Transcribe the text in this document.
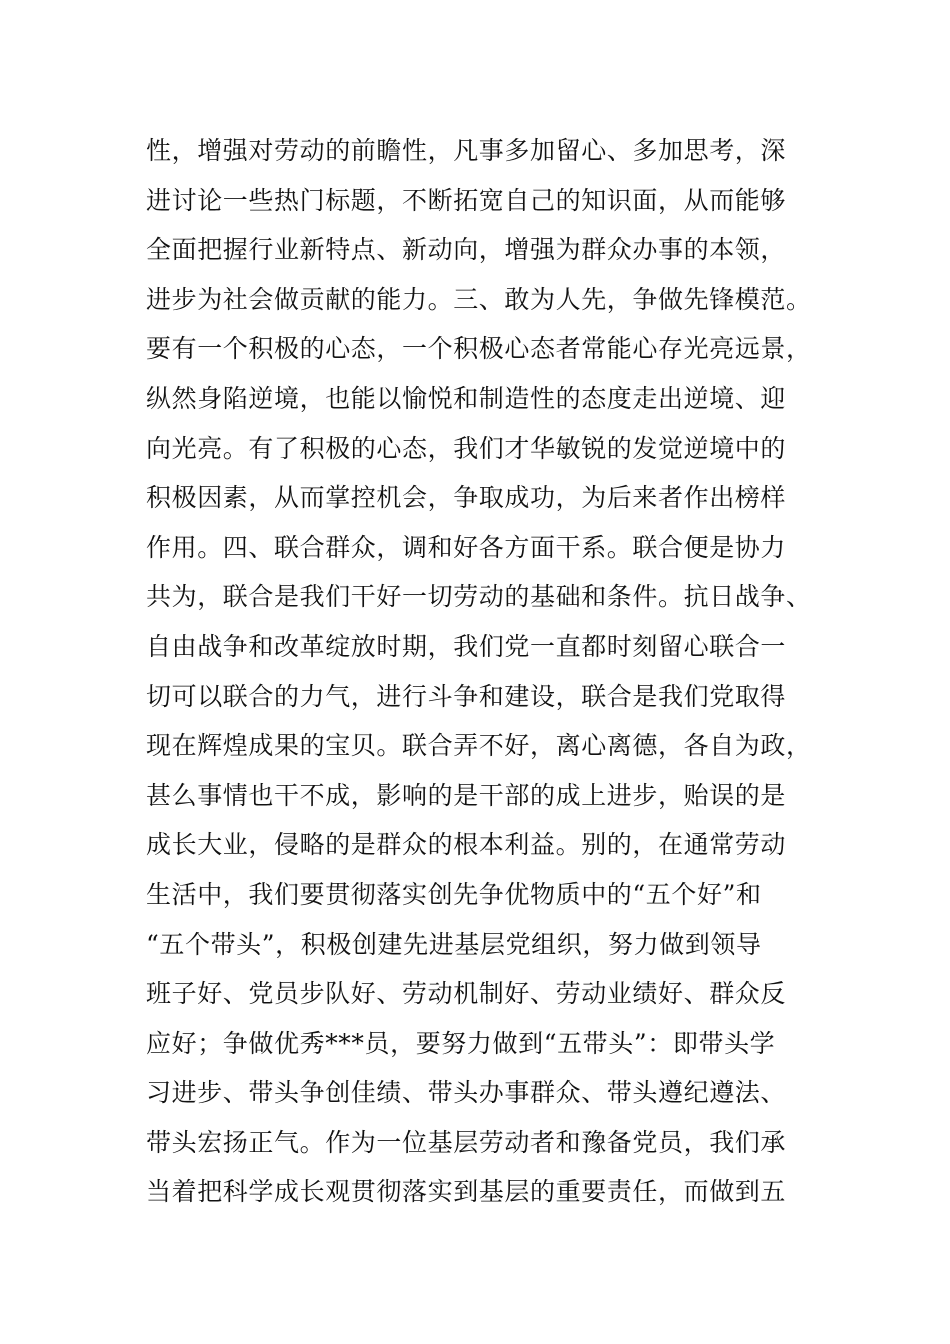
性，增强对劳动的前瞻性，凡事多加留心、多加思考，深
进讨论一些热门标题，不断拓宽自己的知识面，从而能够
全面把握行业新特点、新动向，增强为群众办事的本领，
进步为社会做贡献的能力。三、敢为人先，争做先锋模范。
要有一个积极的心态，一个积极心态者常能心存光亮远景，
纵然身陷逆境，也能以愉悦和制造性的态度走出逆境、迎
向光亮。有了积极的心态，我们才华敏锐的发觉逆境中的
积极因素，从而掌控机会，争取成功，为后来者作出榜样
作用。四、联合群众，调和好各方面干系。联合便是协力
共为，联合是我们干好一切劳动的基础和条件。抗日战争、
自由战争和改革绽放时期，我们党一直都时刻留心联合一
切可以联合的力气，进行斗争和建设，联合是我们党取得
现在辉煌成果的宝贝。联合弄不好，离心离德，各自为政，
甚么事情也干不成，影响的是干部的成上进步，贻误的是
成长大业，侵略的是群众的根本利益。别的，在通常劳动
生活中，我们要贯彻落实创先争优物质中的“五个好”和
“五个带头”，积极创建先进基层党组织，努力做到领导
班子好、党员步队好、劳动机制好、劳动业绩好、群众反
应好；争做优秀***员，要努力做到“五带头”：即带头学
习进步、带头争创佳绩、带头办事群众、带头遵纪遵法、
带头宏扬正气。作为一位基层劳动者和豫备党员，我们承
当着把科学成长观贯彻落实到基层的重要责任，而做到五
